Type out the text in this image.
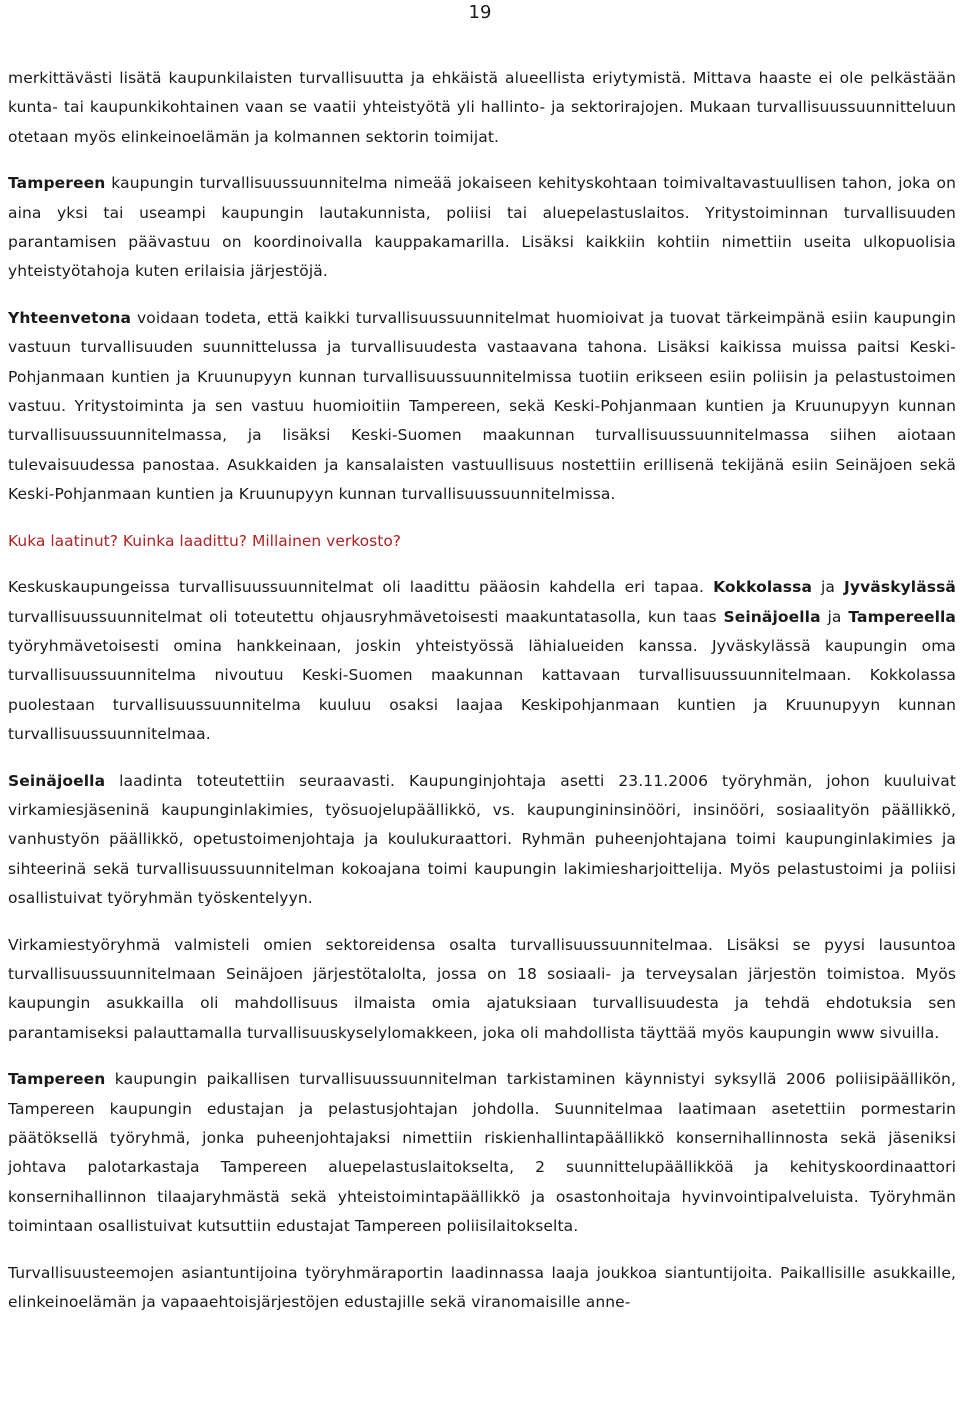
19

merkittävästi lisätä kaupunkilaisten turvallisuutta ja ehkäistä alueellista eriytymistä. Mittava haaste ei ole pelkästään kunta- tai kaupunkikohtainen vaan se vaatii yhteistyötä yli hallinto- ja sektorirajojen. Mukaan turvallisuussuunnitteluun otetaan myös elinkeinoelämän ja kolmannen sektorin toimijat.

Tampereen kaupungin turvallisuussuunnitelma nimeää jokaiseen kehityskohtaan toimivaltavastuullisen tahon, joka on aina yksi tai useampi kaupungin lautakunnista, poliisi tai aluepelastuslaitos. Yritystoiminnan turvallisuuden parantamisen päävastuu on koordinoivalla kauppakamarilla. Lisäksi kaikkiin kohtiin nimettiin useita ulkopuolisia yhteistyötahoja kuten erilaisia järjestöjä.

Yhteenvetona voidaan todeta, että kaikki turvallisuussuunnitelmat huomioivat ja tuovat tärkeimpänä esiin kaupungin vastuun turvallisuuden suunnittelussa ja turvallisuudesta vastaavana tahona. Lisäksi kaikissa muissa paitsi Keski-Pohjanmaan kuntien ja Kruunupyyn kunnan turvallisuussuunnitelmissa tuotiin erikseen esiin poliisin ja pelastustoimen vastuu. Yritystoiminta ja sen vastuu huomioitiin Tampereen, sekä Keski-Pohjanmaan kuntien ja Kruunupyyn kunnan turvallisuussuunnitelmassa, ja lisäksi Keski-Suomen maakunnan turvallisuussuunnitelmassa siihen aiotaan tulevaisuudessa panostaa. Asukkaiden ja kansalaisten vastuullisuus nostettiin erillisenä tekijänä esiin Seinäjoen sekä Keski-Pohjanmaan kuntien ja Kruunupyyn kunnan turvallisuussuunnitelmissa.

Kuka laatinut? Kuinka laadittu? Millainen verkosto?

Keskuskaupungeissa turvallisuussuunnitelmat oli laadittu pääosin kahdella eri tapaa. Kokkolassa ja Jyväskylässä turvallisuussuunnitelmat oli toteutettu ohjausryhmävetoisesti maakuntatasolla, kun taas Seinäjoella ja Tampereella työryhmävetoisesti omina hankkeinaan, joskin yhteistyössä lähialueiden kanssa. Jyväskylässä kaupungin oma turvallisuussuunnitelma nivoutuu Keski-Suomen maakunnan kattavaan turvallisuussuunnitelmaan. Kokkolassa puolestaan turvallisuussuunnitelma kuuluu osaksi laajaa Keskipohjanmaan kuntien ja Kruunupyyn kunnan turvallisuussuunnitelmaa.

Seinäjoella laadinta toteutettiin seuraavasti. Kaupunginjohtaja asetti 23.11.2006 työryhmän, johon kuuluivat virkamiesjäseninä kaupunginlakimies, työsuojelupäällikkö, vs. kaupungininsinööri, insinööri, sosiaalityön päällikkö, vanhustyön päällikkö, opetustoimenjohtaja ja koulukuraattori. Ryhmän puheenjohtajana toimi kaupunginlakimies ja sihteerinä sekä turvallisuussuunnitelman kokoajana toimi kaupungin lakimiesharjoittelija. Myös pelastustoimi ja poliisi osallistuivat työryhmän työskentelyyn.

Virkamiestyöryhmä valmisteli omien sektoreidensa osalta turvallisuussuunnitelmaa. Lisäksi se pyysi lausuntoa turvallisuussuunnitelmaan Seinäjoen järjestötalolta, jossa on 18 sosiaali- ja terveysalan järjestön toimistoa. Myös kaupungin asukkailla oli mahdollisuus ilmaista omia ajatuksiaan turvallisuudesta ja tehdä ehdotuksia sen parantamiseksi palauttamalla turvallisuuskyselylomakkeen, joka oli mahdollista täyttää myös kaupungin www sivuilla.

Tampereen kaupungin paikallisen turvallisuussuunnitelman tarkistaminen käynnistyi syksyllä 2006 poliisipäällikön, Tampereen kaupungin edustajan ja pelastusjohtajan johdolla. Suunnitelmaa laatimaan asetettiin pormestarin päätöksellä työryhmä, jonka puheenjohtajaksi nimettiin riskienhallintapäällikkö konsernihallinnosta sekä jäseniksi johtava palotarkastaja Tampereen aluepelastuslaitokselta, 2 suunnittelupäällikköä ja kehityskoordinaattori konsernihallinnon tilaajaryhmästä sekä yhteistoimintapäällikkö ja osastonhoitaja hyvinvointipalveluista. Työryhmän toimintaan osallistuivat kutsuttiin edustajat Tampereen poliisilaitokselta.

Turvallisuusteemojen asiantuntijoina työryhmäraportin laadinnassa laaja joukkoa siantuntijoita. Paikallisille asukkaille, elinkeinoelämän ja vapaaehtoisjärjestöjen edustajille sekä viranomaisille anne-
